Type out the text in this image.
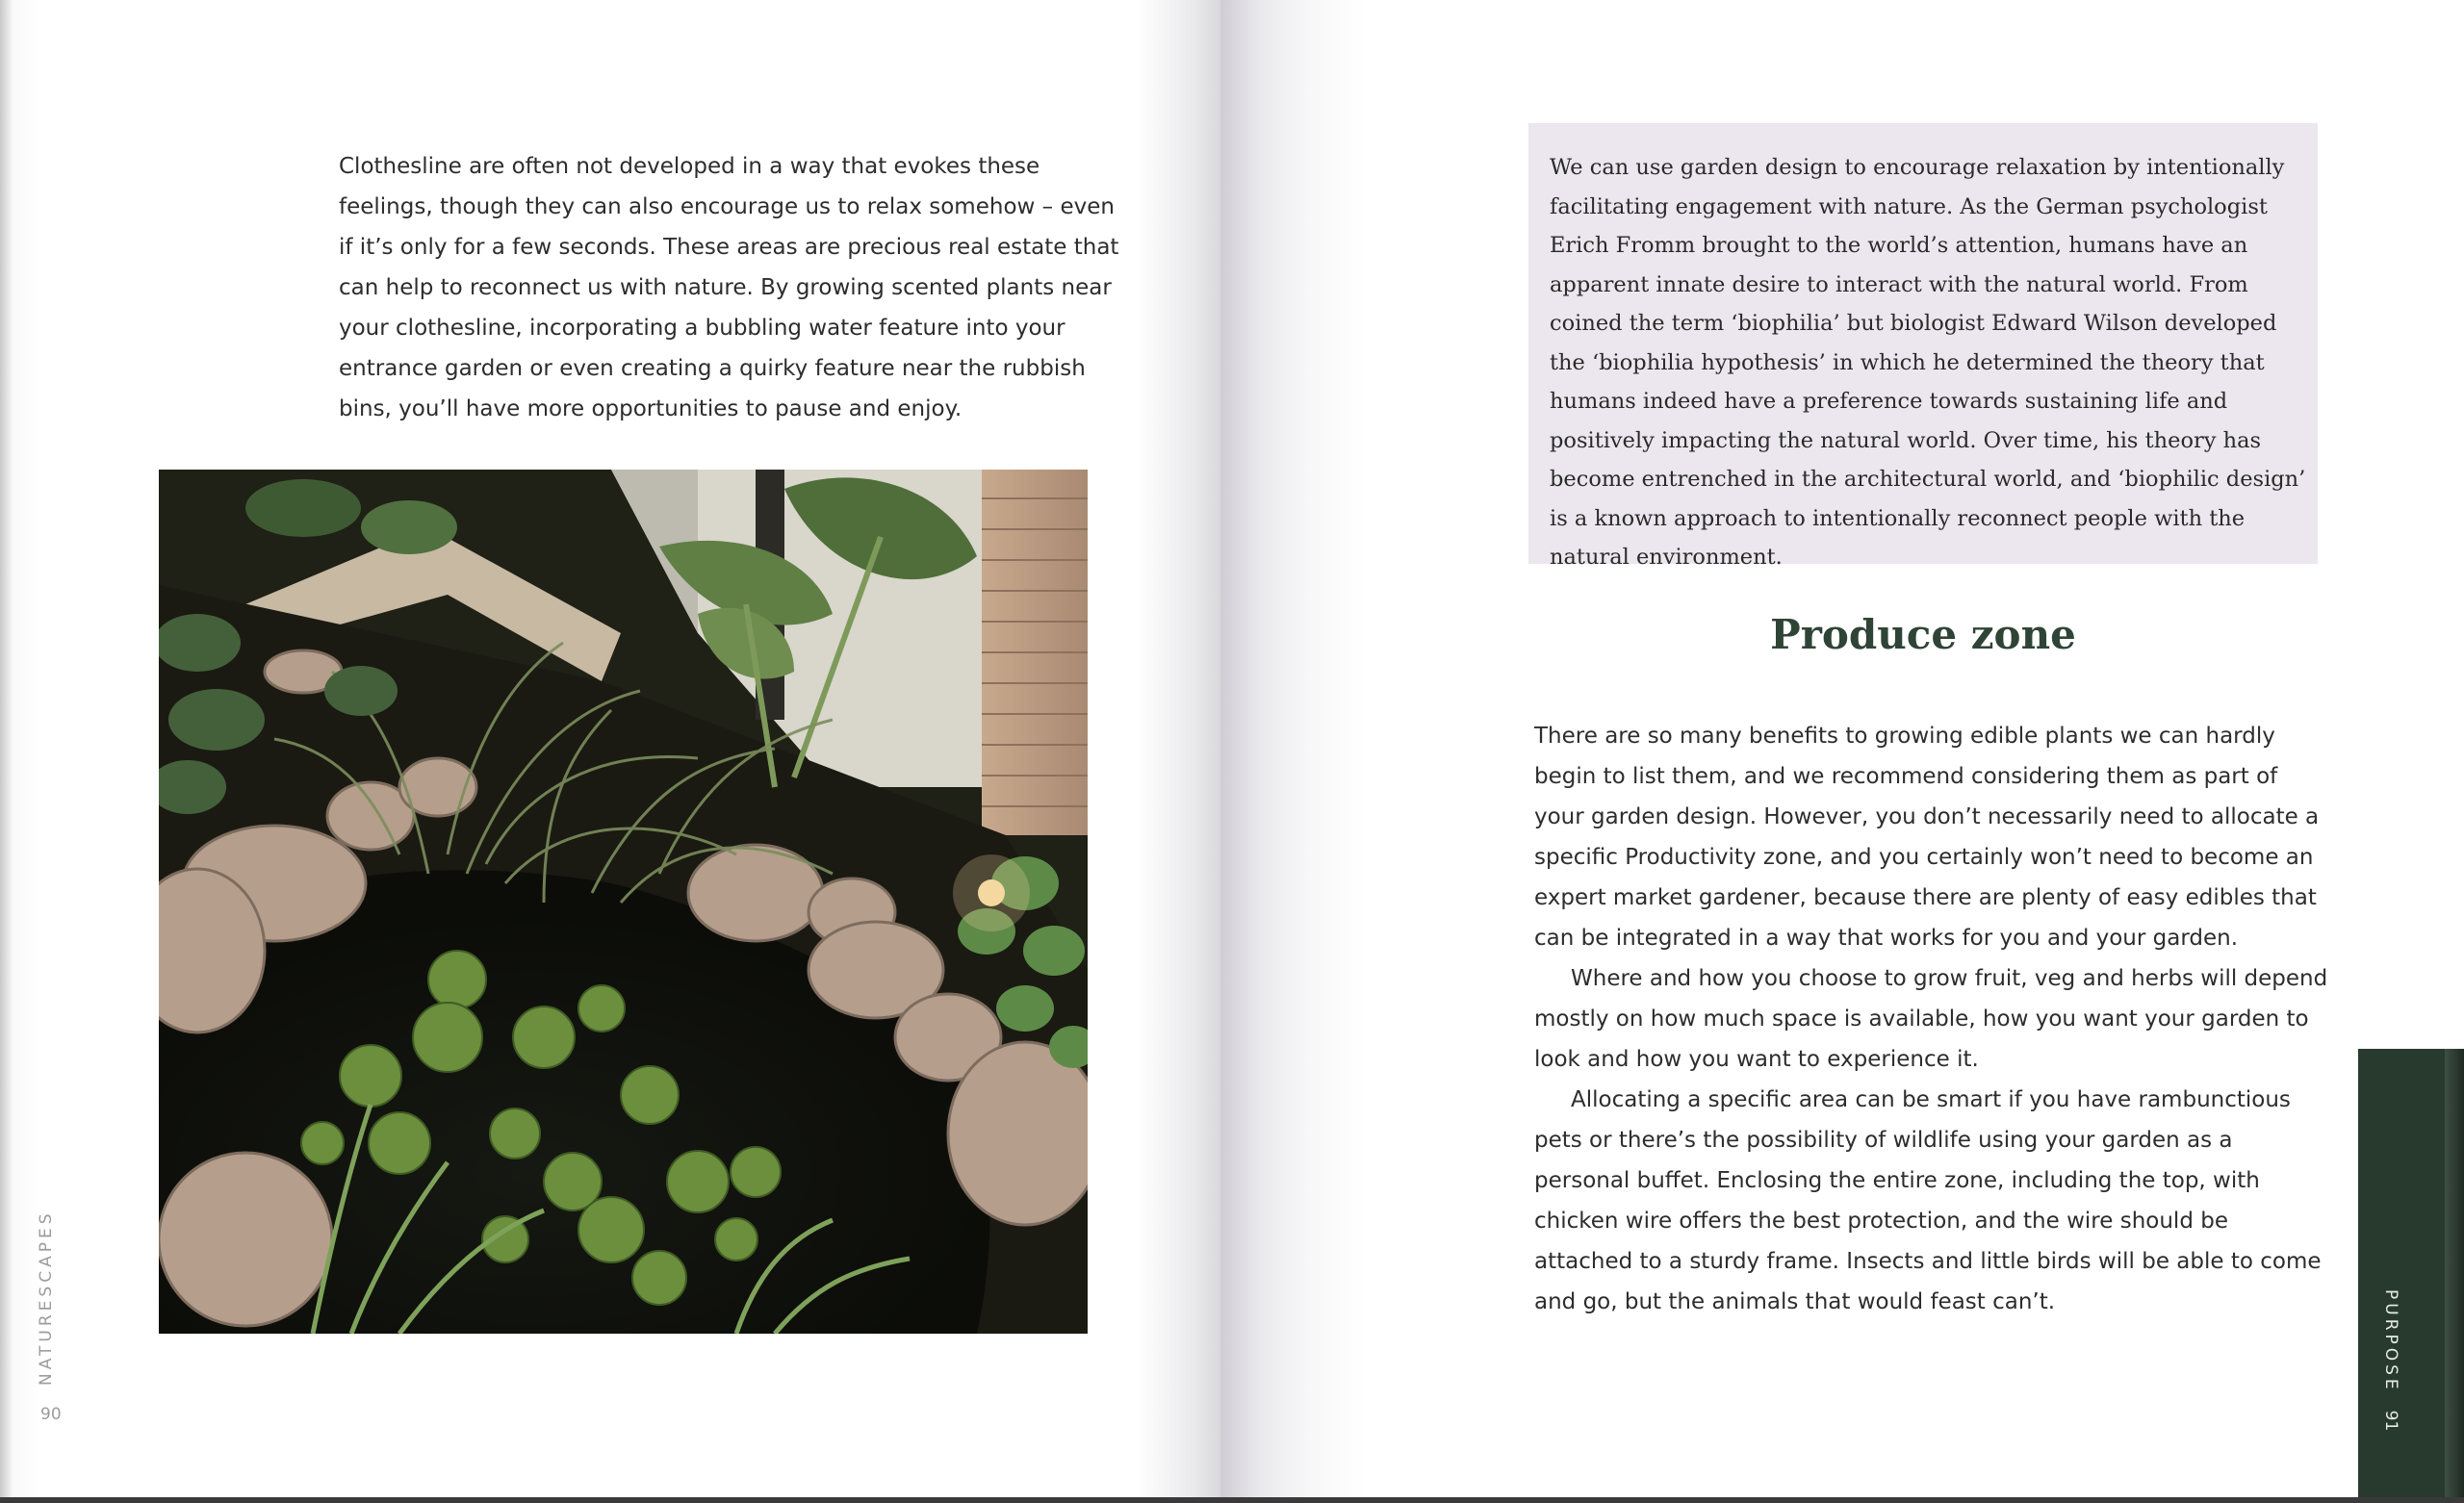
Clothesline are often not developed in a way that evokes these feelings, though they can also encourage us to relax somehow – even if it’s only for a few seconds. These areas are precious real estate that can help to reconnect us with nature. By growing scented plants near your clothesline, incorporating a bubbling water feature into your entrance garden or even creating a quirky feature near the rubbish bins, you’ll have more opportunities to pause and enjoy.

NATURESCAPES
90
We can use garden design to encourage relaxation by intentionally facilitating engagement with nature. As the German psychologist Erich Fromm brought to the world’s attention, humans have an apparent innate desire to interact with the natural world. From coined the term ‘biophilia’ but biologist Edward Wilson developed the ‘biophilia hypothesis’ in which he determined the theory that humans indeed have a preference towards sustaining life and positively impacting the natural world. Over time, his theory has become entrenched in the architectural world, and ‘biophilic design’ is a known approach to intentionally reconnect people with the natural environment.
Produce zone

There are so many benefits to growing edible plants we can hardly begin to list them, and we recommend considering them as part of your garden design. However, you don’t necessarily need to allocate a specific Productivity zone, and you certainly won’t need to become an expert market gardener, because there are plenty of easy edibles that can be integrated in a way that works for you and your garden.

Where and how you choose to grow fruit, veg and herbs will depend mostly on how much space is available, how you want your garden to look and how you want to experience it.

Allocating a specific area can be smart if you have rambunctious pets or there’s the possibility of wildlife using your garden as a personal buffet. Enclosing the entire zone, including the top, with chicken wire offers the best protection, and the wire should be attached to a sturdy frame. Insects and little birds will be able to come and go, but the animals that would feast can’t.	PURPOSE91
